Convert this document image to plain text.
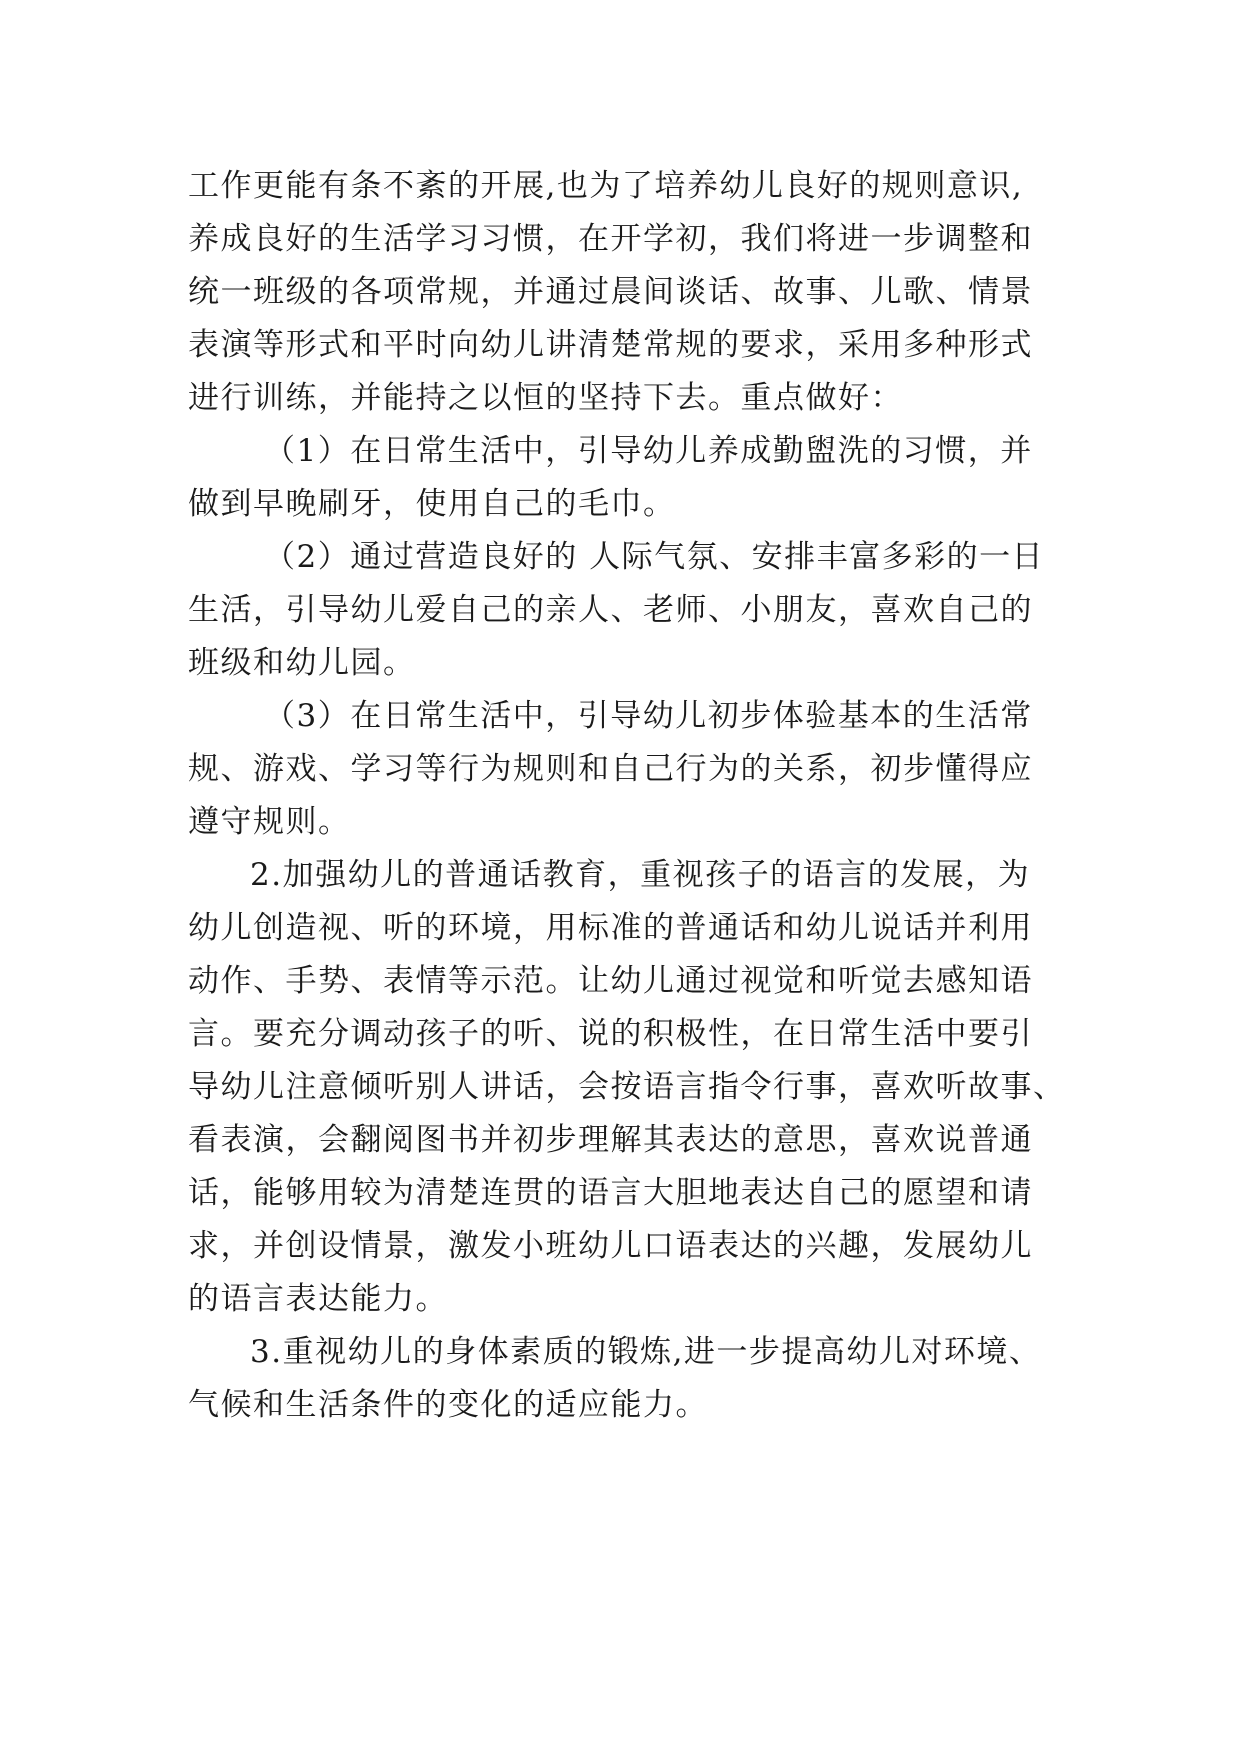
工作更能有条不紊的开展,也为了培养幼儿良好的规则意识,
养成良好的生活学习习惯，在开学初，我们将进一步调整和
统一班级的各项常规，并通过晨间谈话、故事、儿歌、情景
表演等形式和平时向幼儿讲清楚常规的要求，采用多种形式
进行训练，并能持之以恒的坚持下去。重点做好：
（1）在日常生活中，引导幼儿养成勤盥洗的习惯，并
做到早晚刷牙，使用自己的毛巾。
（2）通过营造良好的 人际气氛、安排丰富多彩的一日
生活，引导幼儿爱自己的亲人、老师、小朋友，喜欢自己的
班级和幼儿园。
（3）在日常生活中，引导幼儿初步体验基本的生活常
规、游戏、学习等行为规则和自己行为的关系，初步懂得应
遵守规则。
2.加强幼儿的普通话教育，重视孩子的语言的发展，为
幼儿创造视、听的环境，用标准的普通话和幼儿说话并利用
动作、手势、表情等示范。让幼儿通过视觉和听觉去感知语
言。要充分调动孩子的听、说的积极性，在日常生活中要引
导幼儿注意倾听别人讲话，会按语言指令行事，喜欢听故事、
看表演，会翻阅图书并初步理解其表达的意思，喜欢说普通
话，能够用较为清楚连贯的语言大胆地表达自己的愿望和请
求，并创设情景，激发小班幼儿口语表达的兴趣，发展幼儿
的语言表达能力。
3.重视幼儿的身体素质的锻炼,进一步提高幼儿对环境、
气候和生活条件的变化的适应能力。
